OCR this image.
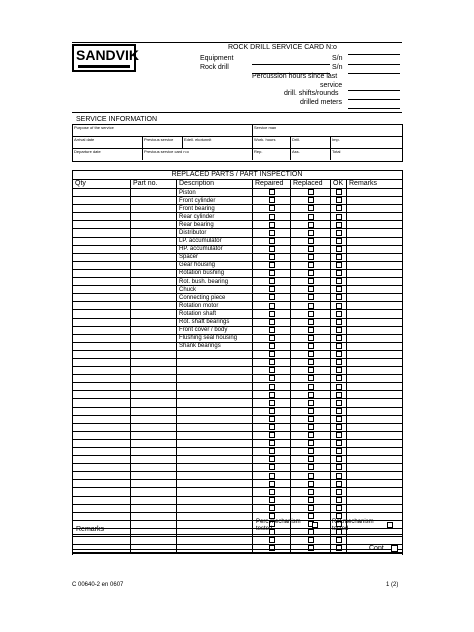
SANDVIK	ROCK DRILL SERVICE CARD N:o
Equipment	S/n
Rock drill	S/n
Percussion hours since last
service
drill. shifts/rounds
drilled meters
SERVICE INFORMATION
Purpose of the service	Service man
Arrival date	Previous service	Edell. ekotunnit	Work. hours	Drill.	Imp.
Departure date	Previous service card n:o	Rep.	Ass.	Total
REPLACED PARTS / PART INSPECTION
Qty	Part no.	Description	Repaired	Replaced	OK	Remarks
		Piston				
		Front cylinder				
		Front bearing				
		Rear cylinder				
		Rear bearing				
		Distributor				
		LP. accumulator				
		HP. accumulator				
		Spacer				
		Gear housing				
		Rotation bushing				
		Rot. bush. bearing				
		Chuck				
		Connecting piece				
		Rotation motor				
		Rotation shaft				
		Rot. shaft bearings				
		Front cover / body				
		Flushing seal housing				
		Shank bearings				

Perc.mechanism
tested
Rot.mechanism
tested
Remarks
Cont.
C 00640-2 en 0607	1 (2)
